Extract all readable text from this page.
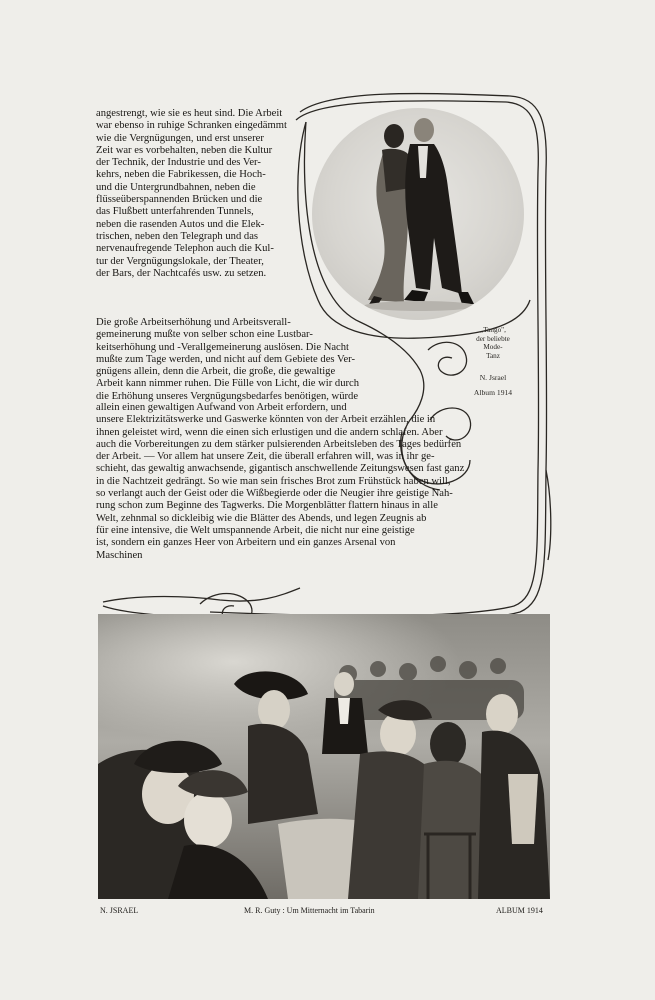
angestrengt, wie sie es heut sind. Die Arbeit
war ebenso in ruhige Schranken eingedämmt
wie die Vergnügungen, und erst unserer
Zeit war es vorbehalten, neben die Kultur
der Technik, der Industrie und des Ver-
kehrs, neben die Fabrikessen, die Hoch-
und die Untergrundbahnen, neben die
flüsseüberspannenden Brücken und die
das Flußbett unterfahrenden Tunnels,
neben die rasenden Autos und die Elek-
trischen, neben den Telegraph und das
nervenaufregende Telephon auch die Kul-
tur der Vergnügungslokale, der Theater,
der Bars, der Nachtcafés usw. zu setzen.
Die große Arbeitserhöhung und Arbeitsverall-
gemeinerung mußte von selber schon eine Lustbar-
keitserhöhung und -Verallgemeinerung auslösen. Die Nacht
mußte zum Tage werden, und nicht auf dem Gebiete des Ver-
gnügens allein, denn die Arbeit, die große, die gewaltige
Arbeit kann nimmer ruhen. Die Fülle von Licht, die wir durch
die Erhöhung unseres Vergnügungsbedarfes benötigen, würde
allein einen gewaltigen Aufwand von Arbeit erfordern, und
unsere Elektrizitätswerke und Gaswerke könnten von der Arbeit erzählen, die in
ihnen geleistet wird, wenn die einen sich erlustigen und die andern schlafen. Aber
auch die Vorbereitungen zu dem stärker pulsierenden Arbeitsleben des Tages bedürfen
der Arbeit. — Vor allem hat unsere Zeit, die überall erfahren will, was in ihr ge-
schieht, das gewaltig anwachsende, gigantisch anschwellende Zeitungswesen fast ganz
in die Nachtzeit gedrängt. So wie man sein frisches Brot zum Frühstück haben will,
so verlangt auch der Geist oder die Wißbegierde oder die Neugier ihre geistige Nah-
rung schon zum Beginne des Tagwerks. Die Morgenblätter flattern hinaus in alle
Welt, zehnmal so dickleibig wie die Blätter des Abends, und legen Zeugnis ab
für eine intensive, die Welt umspannende Arbeit, die nicht nur eine geistige
ist, sondern ein ganzes Heer von Arbeitern und ein ganzes Arsenal von
Maschinen
„Tango",
der beliebte
Mode-
Tanz
N. Jsrael
Album 1914
N. JSRAEL	M. R. Guty : Um Mitternacht im Tabarin	ALBUM 1914
